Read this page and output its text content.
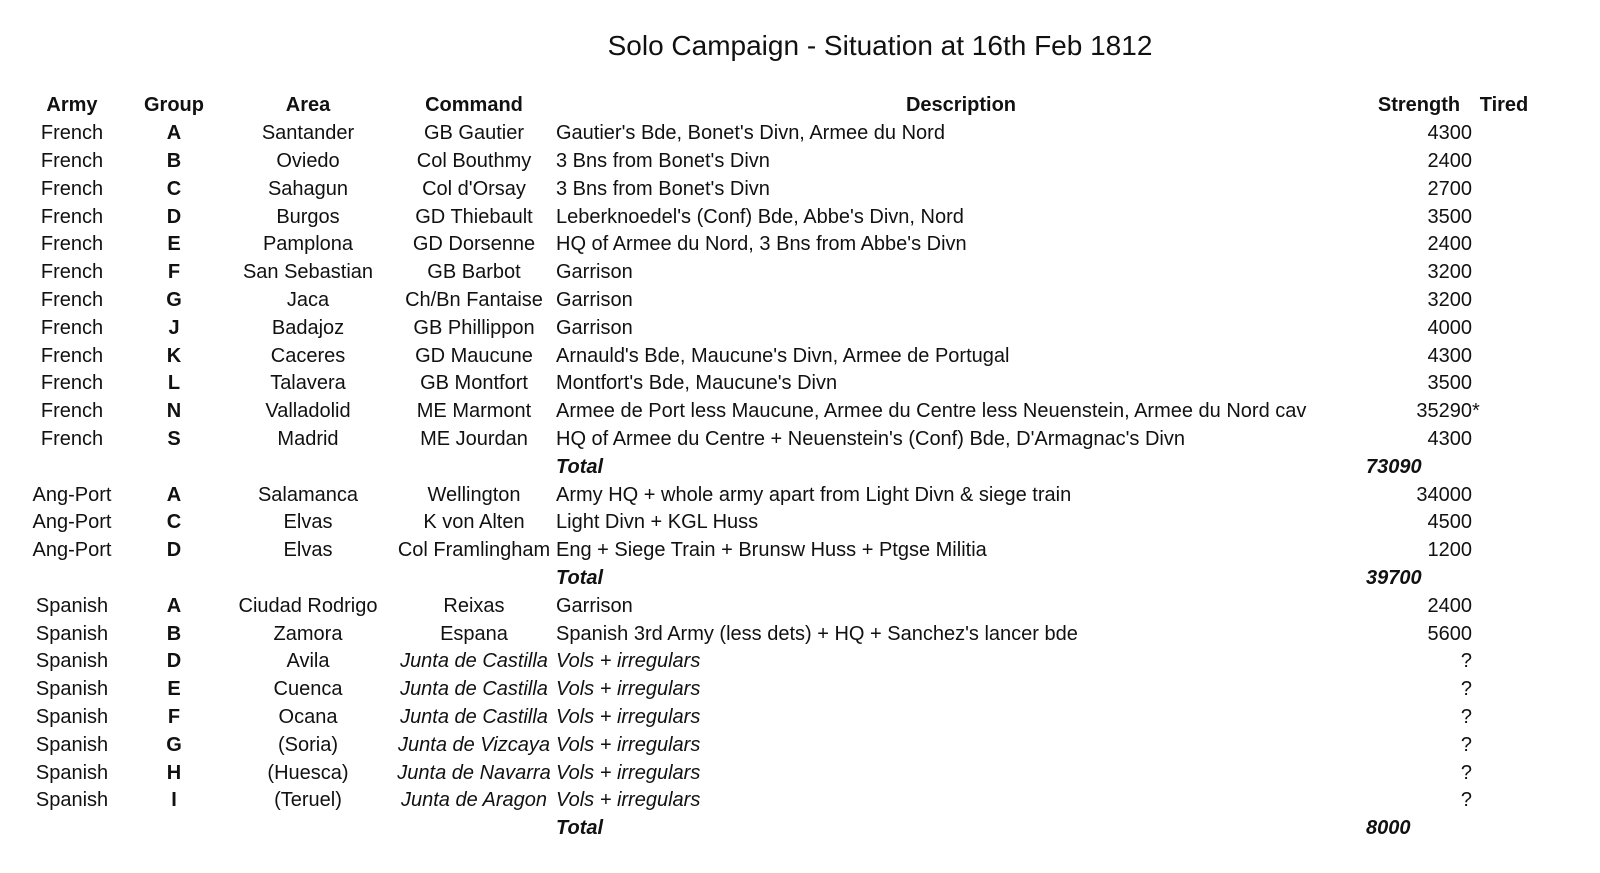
Solo Campaign - Situation at 16th Feb 1812
Army	Group	Area	Command	Description	Strength	Tired
French	A	Santander	GB Gautier	Gautier's Bde, Bonet's Divn, Armee du Nord	4300	
French	B	Oviedo	Col Bouthmy	3 Bns from Bonet's Divn	2400	
French	C	Sahagun	Col d'Orsay	3 Bns from Bonet's Divn	2700	
French	D	Burgos	GD Thiebault	Leberknoedel's (Conf) Bde, Abbe's Divn, Nord	3500	
French	E	Pamplona	GD Dorsenne	HQ of Armee du Nord, 3 Bns from Abbe's Divn	2400	
French	F	San Sebastian	GB Barbot	Garrison	3200	
French	G	Jaca	Ch/Bn Fantaise	Garrison	3200	
French	J	Badajoz	GB Phillippon	Garrison	4000	
French	K	Caceres	GD Maucune	Arnauld's Bde, Maucune's Divn, Armee de Portugal	4300	
French	L	Talavera	GB Montfort	Montfort's Bde, Maucune's Divn	3500	
French	N	Valladolid	ME Marmont	Armee de Port less Maucune, Armee du Centre less Neuenstein, Armee du Nord cav	35290	*
French	S	Madrid	ME Jourdan	HQ of Armee du Centre + Neuenstein's (Conf) Bde, D'Armagnac's Divn	4300	
				Total	73090	
Ang-Port	A	Salamanca	Wellington	Army HQ + whole army apart from Light Divn & siege train	34000	
Ang-Port	C	Elvas	K von Alten	Light Divn + KGL Huss	4500	
Ang-Port	D	Elvas	Col Framlingham	Eng + Siege Train + Brunsw Huss + Ptgse Militia	1200	
				Total	39700	
Spanish	A	Ciudad Rodrigo	Reixas	Garrison	2400	
Spanish	B	Zamora	Espana	Spanish 3rd Army (less dets) + HQ + Sanchez's lancer bde	5600	
Spanish	D	Avila	Junta de Castilla	Vols + irregulars	?	
Spanish	E	Cuenca	Junta de Castilla	Vols + irregulars	?	
Spanish	F	Ocana	Junta de Castilla	Vols + irregulars	?	
Spanish	G	(Soria)	Junta de Vizcaya	Vols + irregulars	?	
Spanish	H	(Huesca)	Junta de Navarra	Vols + irregulars	?	
Spanish	I	(Teruel)	Junta de Aragon	Vols + irregulars	?	
				Total	8000	
